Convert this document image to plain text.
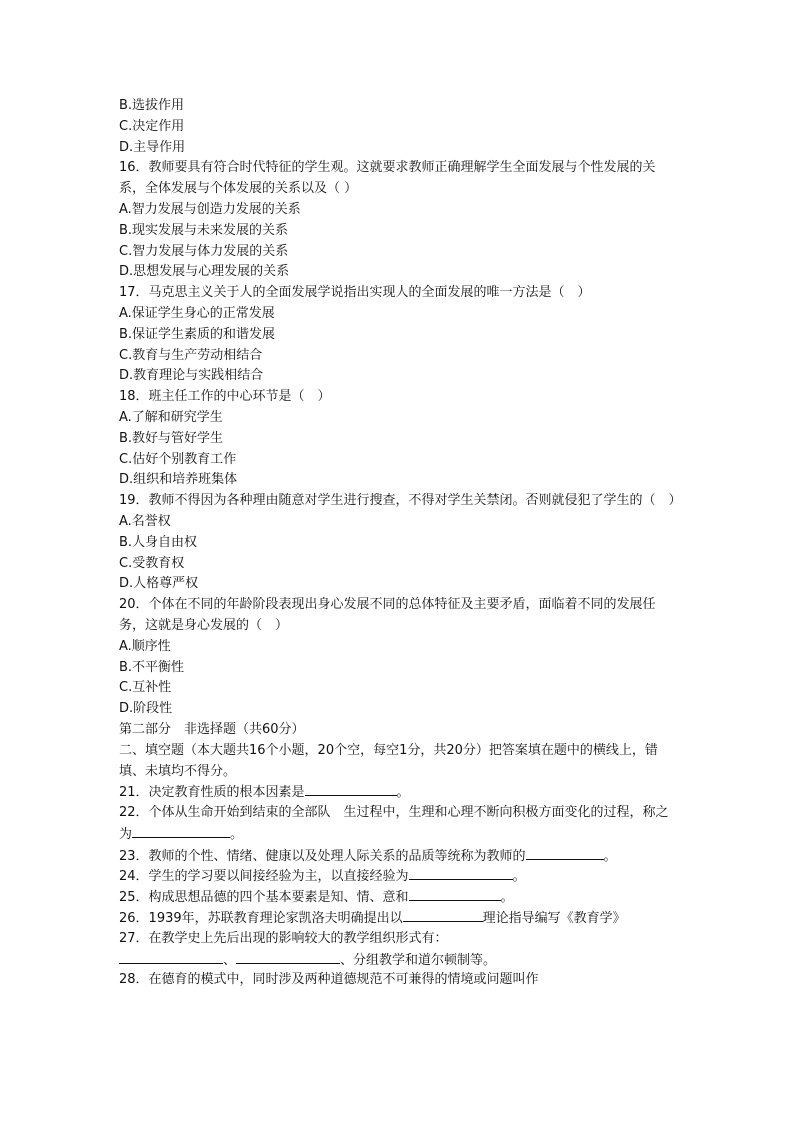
B.选拔作用
C.决定作用
D.主导作用
16．教师要具有符合时代特征的学生观。这就要求教师正确理解学生全面发展与个性发展的关系，全体发展与个体发展的关系以及（ ）
A.智力发展与创造力发展的关系
B.现实发展与未来发展的关系
C.智力发展与体力发展的关系
D.思想发展与心理发展的关系
17．马克思主义关于人的全面发展学说指出实现人的全面发展的唯一方法是（　）
A.保证学生身心的正常发展
B.保证学生素质的和谐发展
C.教育与生产劳动相结合
D.教育理论与实践相结合
18．班主任工作的中心环节是（　）
A.了解和研究学生
B.教好与管好学生
C.估好个别教育工作
D.组织和培养班集体
19．教师不得因为各种理由随意对学生进行搜查，不得对学生关禁闭。否则就侵犯了学生的（　）
A.名誉权
B.人身自由权
C.受教育权
D.人格尊严权
20．个体在不同的年龄阶段表现出身心发展不同的总体特征及主要矛盾，面临着不同的发展任务，这就是身心发展的（　）
A.顺序性
B.不平衡性
C.互补性
D.阶段性
第二部分　非选择题（共60分）
二、填空题（本大题共16个小题，20个空，每空1分，共20分）把答案填在题中的横线上，错填、未填均不得分。
21．决定教育性质的根本因素是	。
22．个体从生命开始到结束的全部队　生过程中，生理和心理不断向积极方面变化的过程，称之为	。
23．教师的个性、情绪、健康以及处理人际关系的品质等统称为教师的	。
24．学生的学习要以间接经验为主，以直接经验为	。
25．构成思想品德的四个基本要素是知、情、意和	。
26．1939年，苏联教育理论家凯洛夫明确提出以	理论指导编写《教育学》
27．在教学史上先后出现的影响较大的教学组织形式有：
、	、分组教学和道尔顿制等。
28．在德育的模式中，同时涉及两种道德规范不可兼得的情境或问题叫作
